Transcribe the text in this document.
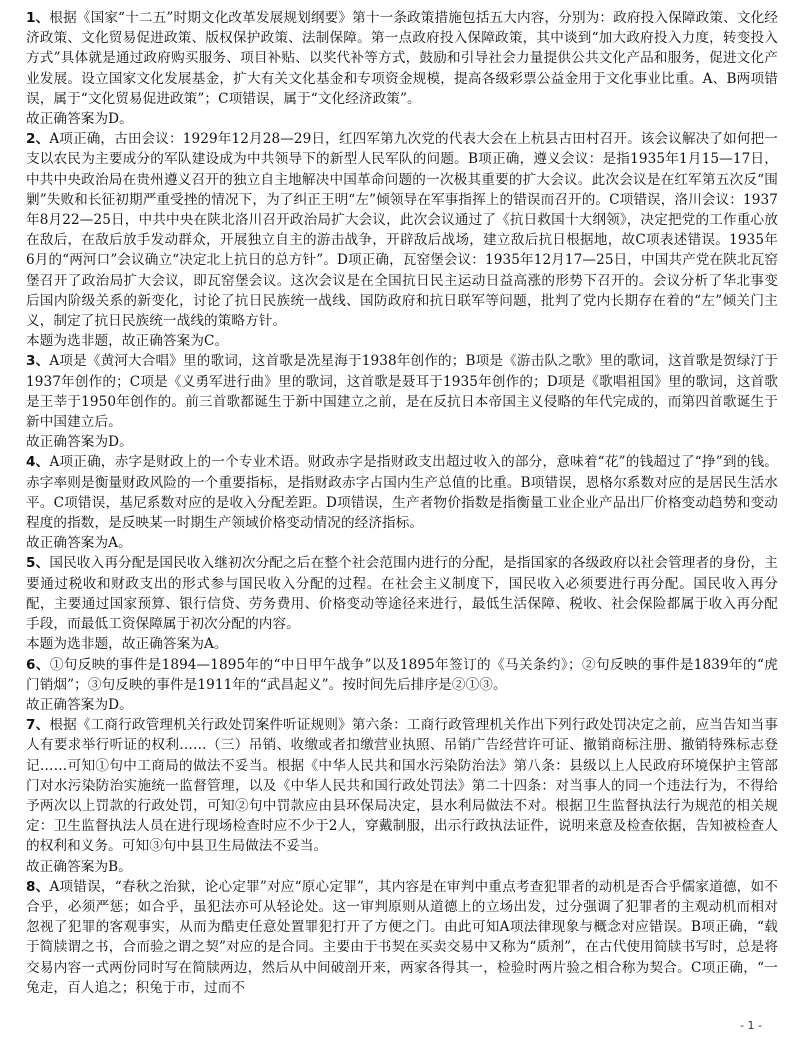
1、根据《国家“十二五”时期文化改革发展规划纲要》第十一条政策措施包括五大内容，分别为：政府投入保障政策、文化经济政策、文化贸易促进政策、版权保护政策、法制保障。第一点政府投入保障政策，其中谈到“加大政府投入力度，转变投入方式”具体就是通过政府购买服务、项目补贴、以奖代补等方式，鼓励和引导社会力量提供公共文化产品和服务，促进文化产业发展。设立国家文化发展基金，扩大有关文化基金和专项资金规模，提高各级彩票公益金用于文化事业比重。A、B两项错误，属于“文化贸易促进政策”；C项错误，属于“文化经济政策”。

故正确答案为D。

2、A项正确，古田会议：1929年12月28—29日，红四军第九次党的代表大会在上杭县古田村召开。该会议解决了如何把一支以农民为主要成分的军队建设成为中共领导下的新型人民军队的问题。B项正确，遵义会议：是指1935年1月15—17日，中共中央政治局在贵州遵义召开的独立自主地解决中国革命问题的一次极其重要的扩大会议。此次会议是在红军第五次反“围剿”失败和长征初期严重受挫的情况下，为了纠正王明“左”倾领导在军事指挥上的错误而召开的。C项错误，洛川会议：1937年8月22—25日，中共中央在陕北洛川召开政治局扩大会议，此次会议通过了《抗日救国十大纲领》，决定把党的工作重心放在敌后，在敌后放手发动群众，开展独立自主的游击战争，开辟敌后战场，建立敌后抗日根据地，故C项表述错误。1935年6月的“两河口”会议确立“决定北上抗日的总方针”。D项正确，瓦窑堡会议：1935年12月17—25日，中国共产党在陕北瓦窑堡召开了政治局扩大会议，即瓦窑堡会议。这次会议是在全国抗日民主运动日益高涨的形势下召开的。会议分析了华北事变后国内阶级关系的新变化，讨论了抗日民族统一战线、国防政府和抗日联军等问题，批判了党内长期存在着的“左”倾关门主义，制定了抗日民族统一战线的策略方针。

本题为选非题，故正确答案为C。

3、A项是《黄河大合唱》里的歌词，这首歌是冼星海于1938年创作的；B项是《游击队之歌》里的歌词，这首歌是贺绿汀于1937年创作的；C项是《义勇军进行曲》里的歌词，这首歌是聂耳于1935年创作的；D项是《歌唱祖国》里的歌词，这首歌是王莘于1950年创作的。前三首歌都诞生于新中国建立之前，是在反抗日本帝国主义侵略的年代完成的，而第四首歌诞生于新中国建立后。

故正确答案为D。

4、A项正确，赤字是财政上的一个专业术语。财政赤字是指财政支出超过收入的部分，意味着“花”的钱超过了“挣”到的钱。赤字率则是衡量财政风险的一个重要指标，是指财政赤字占国内生产总值的比重。B项错误，恩格尔系数对应的是居民生活水平。C项错误，基尼系数对应的是收入分配差距。D项错误，生产者物价指数是指衡量工业企业产品出厂价格变动趋势和变动程度的指数，是反映某一时期生产领域价格变动情况的经济指标。

故正确答案为A。

5、国民收入再分配是国民收入继初次分配之后在整个社会范围内进行的分配，是指国家的各级政府以社会管理者的身份，主要通过税收和财政支出的形式参与国民收入分配的过程。在社会主义制度下，国民收入必须要进行再分配。国民收入再分配，主要通过国家预算、银行信贷、劳务费用、价格变动等途径来进行，最低生活保障、税收、社会保险都属于收入再分配手段，而最低工资保障属于初次分配的内容。

本题为选非题，故正确答案为A。

6、①句反映的事件是1894—1895年的“中日甲午战争”以及1895年签订的《马关条约》；②句反映的事件是1839年的“虎门销烟”；③句反映的事件是1911年的“武昌起义”。按时间先后排序是②①③。

故正确答案为D。

7、根据《工商行政管理机关行政处罚案件听证规则》第六条：工商行政管理机关作出下列行政处罚决定之前，应当告知当事人有要求举行听证的权利……（三）吊销、收缴或者扣缴营业执照、吊销广告经营许可证、撤销商标注册、撤销特殊标志登记……可知①句中工商局的做法不妥当。根据《中华人民共和国水污染防治法》第八条：县级以上人民政府环境保护主管部门对水污染防治实施统一监督管理，以及《中华人民共和国行政处罚法》第二十四条：对当事人的同一个违法行为，不得给予两次以上罚款的行政处罚，可知②句中罚款应由县环保局决定，县水利局做法不对。根据卫生监督执法行为规范的相关规定：卫生监督执法人员在进行现场检查时应不少于2人，穿戴制服，出示行政执法证件，说明来意及检查依据，告知被检查人的权利和义务。可知③句中县卫生局做法不妥当。

故正确答案为B。

8、A项错误，“春秋之治狱，论心定罪”对应“原心定罪”，其内容是在审判中重点考查犯罪者的动机是否合乎儒家道德，如不合乎，必须严惩；如合乎，虽犯法亦可从轻论处。这一审判原则从道德上的立场出发，过分强调了犯罪者的主观动机而相对忽视了犯罪的客观事实，从而为酷吏任意处置罪犯打开了方便之门。由此可知A项法律现象与概念对应错误。B项正确，“载于简牍谓之书，合而验之谓之契”对应的是合同。主要由于书契在买卖交易中又称为“质剂”，在古代使用简牍书写时，总是将交易内容一式两份同时写在简牍两边，然后从中间破剖开来，两家各得其一，检验时两片验之相合称为契合。C项正确，“一兔走，百人追之；积兔于市，过而不

- 1 -
